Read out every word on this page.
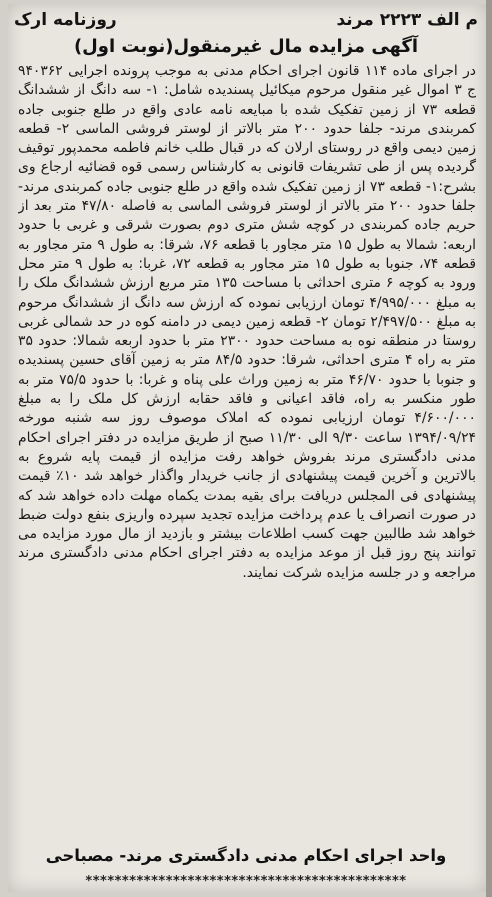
م الف ۲۲۲۳ مرند
روزنامه ارک
آگهی مزایده مال غیرمنقول(نوبت اول)

در اجرای ماده ۱۱۴ قانون اجرای احکام مدنی به موجب پرونده اجرایی ۹۴۰۳۶۲ ج ۳ اموال غیر منقول مرحوم میکائیل پسندیده شامل: ۱- سه دانگ از ششدانگ قطعه ۷۳ از زمین تفکیک شده با مبایعه نامه عادی واقع در طلع جنوبی جاده کمربندی مرند- جلفا حدود ۲۰۰ متر بالاتر از لوستر فروشی الماسی ۲- قطعه زمین دیمی واقع در روستای ارلان که در قبال طلب خانم فاطمه محمدپور توقیف گردیده پس از طی تشریفات قانونی به کارشناس رسمی قوه قضائیه ارجاع وی بشرح:۱- قطعه ۷۳ از زمین تفکیک شده واقع در طلع جنوبی جاده کمربندی مرند- جلفا حدود ۲۰۰ متر بالاتر از لوستر فروشی الماسی به فاصله ۴۷/۸۰ متر بعد از حریم جاده کمربندی در کوچه شش متری دوم بصورت شرقی و غربی با حدود اربعه: شمالا به طول ۱۵ متر مجاور با قطعه ۷۶، شرقا: به طول ۹ متر مجاور به قطعه ۷۴، جنوبا به طول ۱۵ متر مجاور به قطعه ۷۲، غربا: به طول ۹ متر محل ورود به کوچه ۶ متری احداثی با مساحت ۱۳۵ متر مربع ارزش ششدانگ ملک را به مبلغ ۴/۹۹۵/۰۰۰ تومان ارزیابی نموده که ارزش سه دانگ از ششدانگ مرحوم به مبلغ ۲/۴۹۷/۵۰۰ تومان ۲- قطعه زمین دیمی در دامنه کوه در حد شمالی غربی روستا در منطقه نوه به مساحت حدود ۲۳۰۰ متر با حدود اربعه شمالا: حدود ۳۵ متر به راه ۴ متری احداثی، شرقا: حدود ۸۴/۵ متر به زمین آقای حسین پسندیده و جنوبا با حدود ۴۶/۷۰ متر به زمین وراث علی پناه و غربا: با حدود ۷۵/۵ متر به طور منکسر به راه، فاقد اعیانی و فاقد حقابه ارزش کل ملک را به مبلغ ۴/۶۰۰/۰۰۰ تومان ارزیابی نموده که املاک موصوف روز سه شنبه مورخه ۱۳۹۴/۰۹/۲۴ ساعت ۹/۳۰ الی ۱۱/۳۰ صبح از طریق مزایده در دفتر اجرای احکام مدنی دادگستری مرند بفروش خواهد رفت مزایده از قیمت پایه شروع به بالاترین و آخرین قیمت پیشنهادی از جانب خریدار واگذار خواهد شد ۱۰٪ قیمت پیشنهادی فی المجلس دریافت برای بقیه بمدت یکماه مهلت داده خواهد شد که در صورت انصراف یا عدم پرداخت مزایده تجدید سپرده واریزی بنفع دولت ضبط خواهد شد طالبین جهت کسب اطلاعات بیشتر و بازدید از مال مورد مزایده می توانند پنج روز قبل از موعد مزایده به دفتر اجرای احکام مدنی دادگستری مرند مراجعه و در جلسه مزایده شرکت نمایند.

واحد اجرای احکام مدنی دادگستری مرند- مصباحی
********************************************
